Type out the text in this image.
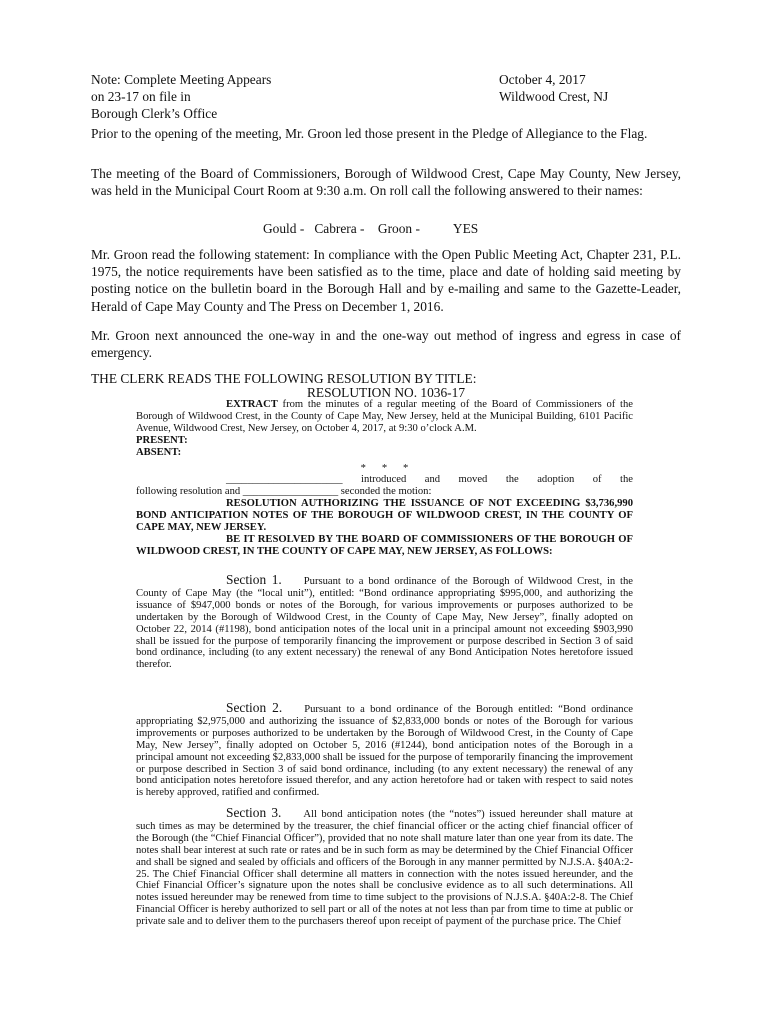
Note: Complete Meeting Appears
on 23-17 on file in
Borough Clerk’s Office
October 4, 2017
Wildwood Crest, NJ

Prior to the opening of the meeting, Mr. Groon led those present in the Pledge of Allegiance to the Flag.

The meeting of the Board of Commissioners, Borough of Wildwood Crest, Cape May County, New Jersey, was held in the Municipal Court Room at 9:30 a.m. On roll call the following answered to their names:

Gould -   Cabrera -    Groon -          YES

Mr. Groon read the following statement: In compliance with the Open Public Meeting Act, Chapter 231, P.L. 1975, the notice requirements have been satisfied as to the time, place and date of holding said meeting by posting notice on the bulletin board in the Borough Hall and by e-mailing and same to the Gazette-Leader, Herald of Cape May County and The Press on December 1, 2016.

Mr. Groon next announced the one-way in and the one-way out method of ingress and egress in case of emergency.

THE CLERK READS THE FOLLOWING RESOLUTION BY TITLE:

RESOLUTION NO. 1036-17

EXTRACT from the minutes of a regular meeting of the Board of Commissioners of the Borough of Wildwood Crest, in the County of Cape May, New Jersey, held at the Municipal Building, 6101 Pacific Avenue, Wildwood Crest, New Jersey, on October 4, 2017, at 9:30 o’clock A.M.
PRESENT:
ABSENT:
*      *      *
______________________ introduced and moved the adoption of the
following resolution and __________________ seconded the motion:
RESOLUTION AUTHORIZING THE ISSUANCE OF NOT EXCEEDING $3,736,990 BOND ANTICIPATION NOTES OF THE BOROUGH OF WILDWOOD CREST, IN THE COUNTY OF CAPE MAY, NEW JERSEY.
BE IT RESOLVED BY THE BOARD OF COMMISSIONERS OF THE BOROUGH OF WILDWOOD CREST, IN THE COUNTY OF CAPE MAY, NEW JERSEY, AS FOLLOWS:
Section 1. Pursuant to a bond ordinance of the Borough of Wildwood Crest, in the County of Cape May (the “local unit”), entitled: “Bond ordinance appropriating $995,000, and authorizing the issuance of $947,000 bonds or notes of the Borough, for various improvements or purposes authorized to be undertaken by the Borough of Wildwood Crest, in the County of Cape May, New Jersey”, finally adopted on October 22, 2014 (#1198), bond anticipation notes of the local unit in a principal amount not exceeding $903,990 shall be issued for the purpose of temporarily financing the improvement or purpose described in Section 3 of said bond ordinance, including (to any extent necessary) the renewal of any Bond Anticipation Notes heretofore issued therefor.
Section 2. Pursuant to a bond ordinance of the Borough entitled: “Bond ordinance appropriating $2,975,000 and authorizing the issuance of $2,833,000 bonds or notes of the Borough for various improvements or purposes authorized to be undertaken by the Borough of Wildwood Crest, in the County of Cape May, New Jersey”, finally adopted on October 5, 2016 (#1244), bond anticipation notes of the Borough in a principal amount not exceeding $2,833,000 shall be issued for the purpose of temporarily financing the improvement or purpose described in Section 3 of said bond ordinance, including (to any extent necessary) the renewal of any bond anticipation notes heretofore issued therefor, and any action heretofore had or taken with respect to said notes is hereby approved, ratified and confirmed.
Section 3. All bond anticipation notes (the “notes”) issued hereunder shall mature at such times as may be determined by the treasurer, the chief financial officer or the acting chief financial officer of the Borough (the “Chief Financial Officer”), provided that no note shall mature later than one year from its date. The notes shall bear interest at such rate or rates and be in such form as may be determined by the Chief Financial Officer and shall be signed and sealed by officials and officers of the Borough in any manner permitted by N.J.S.A. §40A:2-25. The Chief Financial Officer shall determine all matters in connection with the notes issued hereunder, and the Chief Financial Officer’s signature upon the notes shall be conclusive evidence as to all such determinations. All notes issued hereunder may be renewed from time to time subject to the provisions of N.J.S.A. §40A:2-8. The Chief Financial Officer is hereby authorized to sell part or all of the notes at not less than par from time to time at public or private sale and to deliver them to the purchasers thereof upon receipt of payment of the purchase price. The Chief
